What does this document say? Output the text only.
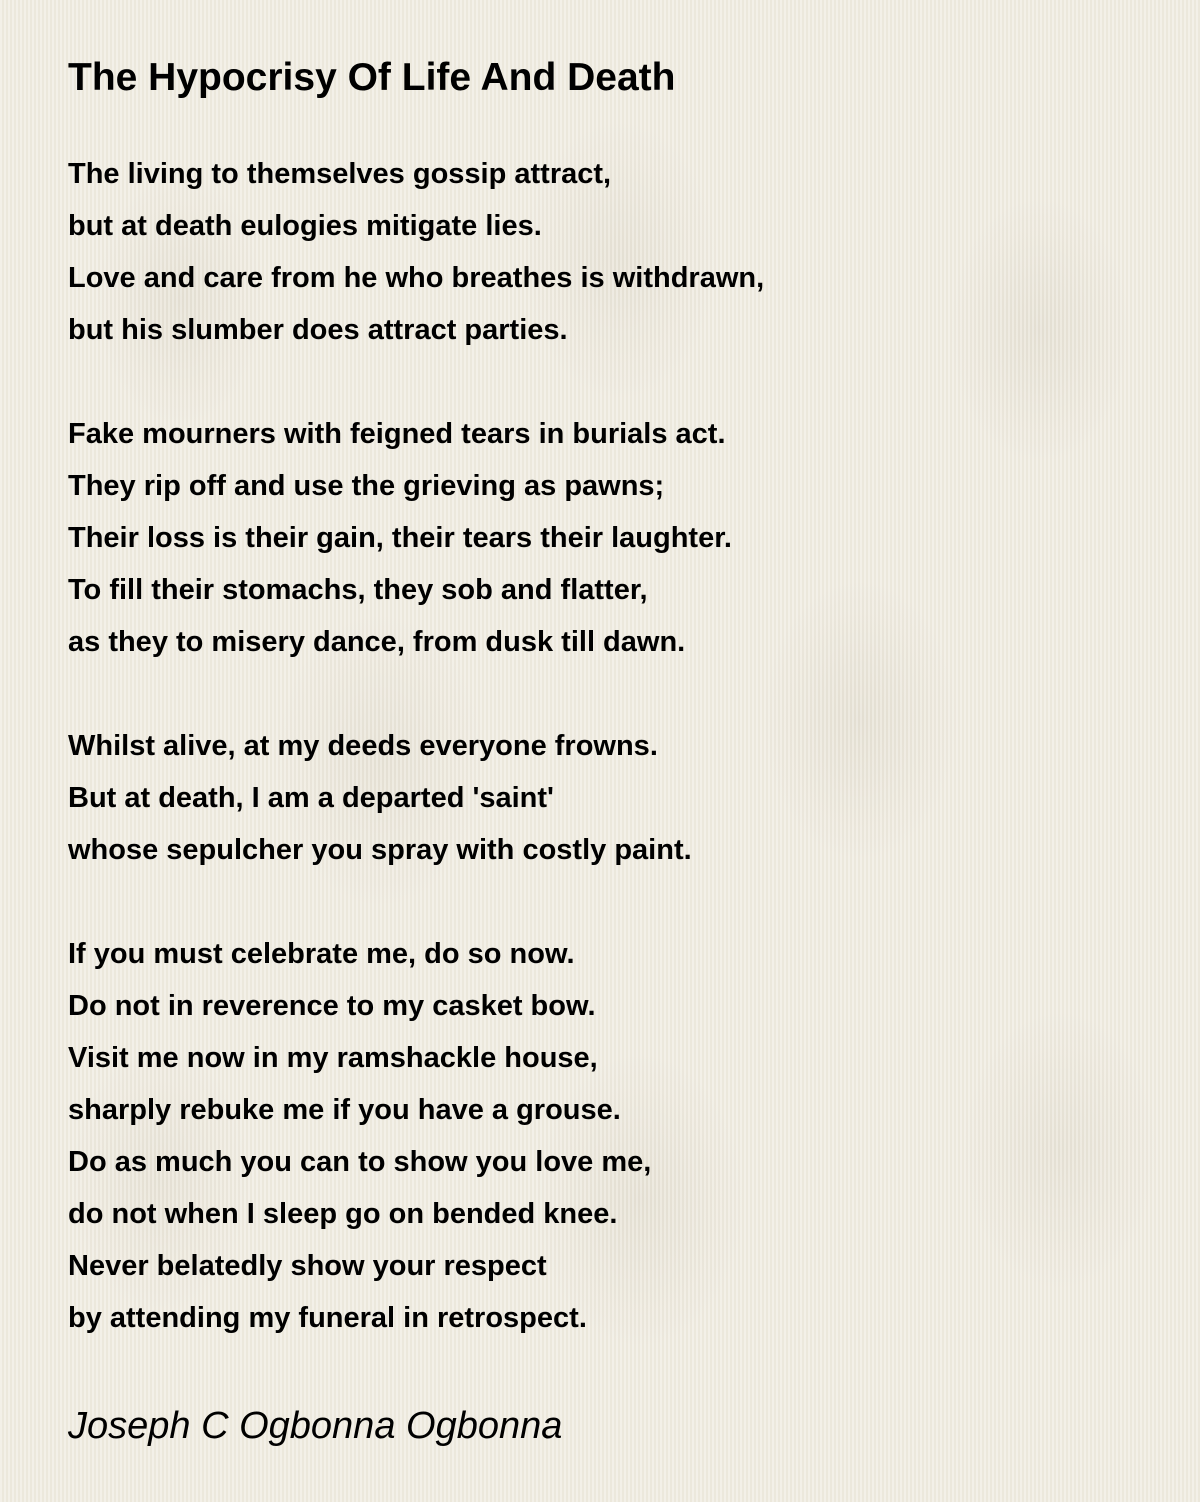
The Hypocrisy Of Life And Death
The living to themselves gossip attract,
but at death eulogies mitigate lies.
Love and care from he who breathes is withdrawn,
but his slumber does attract parties.
Fake mourners with feigned tears in burials act.
They rip off and use the grieving as pawns;
Their loss is their gain, their tears their laughter.
To fill their stomachs, they sob and flatter,
as they to misery dance, from dusk till dawn.
Whilst alive, at my deeds everyone frowns.
But at death, I am a departed 'saint'
whose sepulcher you spray with costly paint.
If you must celebrate me, do so now.
Do not in reverence to my casket bow.
Visit me now in my ramshackle house,
sharply rebuke me if you have a grouse.
Do as much you can to show you love me,
do not when I sleep go on bended knee.
Never belatedly show your respect
by attending my funeral in retrospect.
Joseph C Ogbonna Ogbonna
